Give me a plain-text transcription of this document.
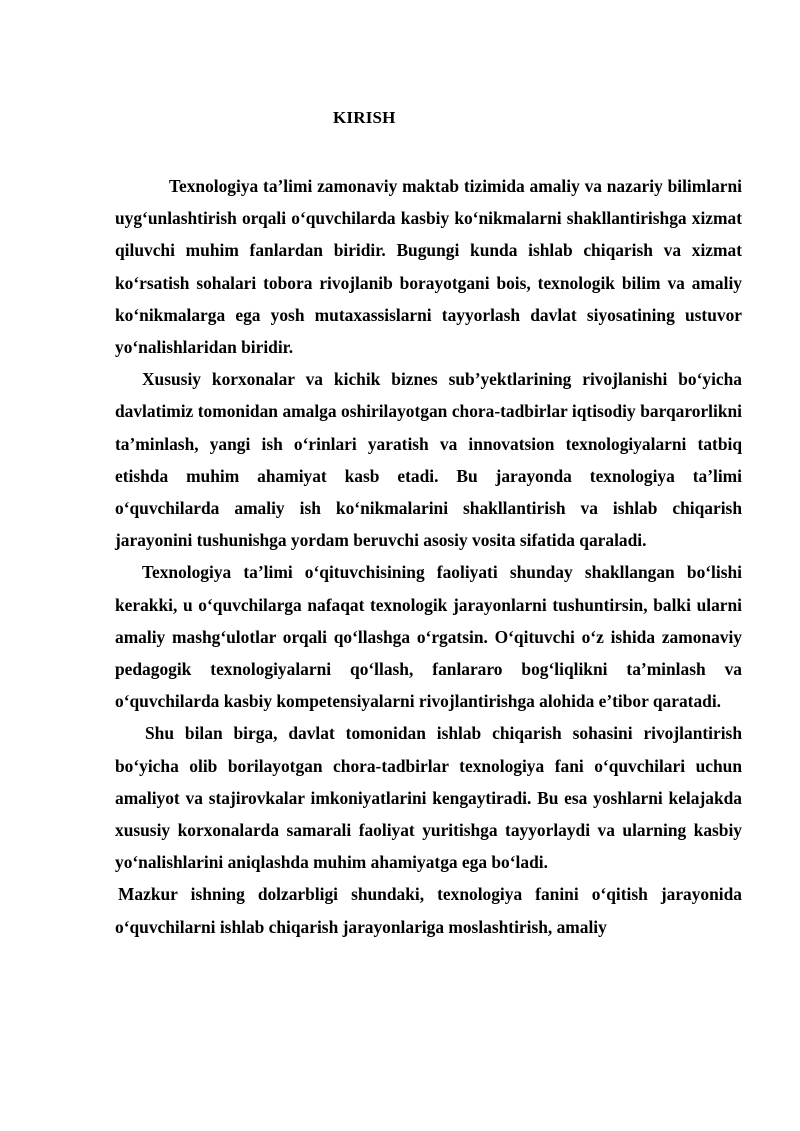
KIRISH

Texnologiya ta’limi zamonaviy maktab tizimida amaliy va nazariy bilimlarni uyg‘unlashtirish orqali o‘quvchilarda kasbiy ko‘nikmalarni shakllantirishga xizmat qiluvchi muhim fanlardan biridir. Bugungi kunda ishlab chiqarish va xizmat ko‘rsatish sohalari tobora rivojlanib borayotgani bois, texnologik bilim va amaliy ko‘nikmalarga ega yosh mutaxassislarni tayyorlash davlat siyosatining ustuvor yo‘nalishlaridan biridir.

Xususiy korxonalar va kichik biznes sub’yektlarining rivojlanishi bo‘yicha davlatimiz tomonidan amalga oshirilayotgan chora-tadbirlar iqtisodiy barqarorlikni ta’minlash, yangi ish o‘rinlari yaratish va innovatsion texnologiyalarni tatbiq etishda muhim ahamiyat kasb etadi. Bu jarayonda texnologiya ta’limi o‘quvchilarda amaliy ish ko‘nikmalarini shakllantirish va ishlab chiqarish jarayonini tushunishga yordam beruvchi asosiy vosita sifatida qaraladi.

Texnologiya ta’limi o‘qituvchisining faoliyati shunday shakllangan bo‘lishi kerakki, u o‘quvchilarga nafaqat texnologik jarayonlarni tushuntirsin, balki ularni amaliy mashg‘ulotlar orqali qo‘llashga o‘rgatsin. O‘qituvchi o‘z ishida zamonaviy pedagogik texnologiyalarni qo‘llash, fanlararo bog‘liqlikni ta’minlash va o‘quvchilarda kasbiy kompetensiyalarni rivojlantirishga alohida e’tibor qaratadi.

Shu bilan birga, davlat tomonidan ishlab chiqarish sohasini rivojlantirish bo‘yicha olib borilayotgan chora-tadbirlar texnologiya fani o‘quvchilari uchun amaliyot va stajirovkalar imkoniyatlarini kengaytiradi. Bu esa yoshlarni kelajakda xususiy korxonalarda samarali faoliyat yuritishga tayyorlaydi va ularning kasbiy yo‘nalishlarini aniqlashda muhim ahamiyatga ega bo‘ladi.

Mazkur ishning dolzarbligi shundaki, texnologiya fanini o‘qitish jarayonida o‘quvchilarni ishlab chiqarish jarayonlariga moslashtirish, amaliy
